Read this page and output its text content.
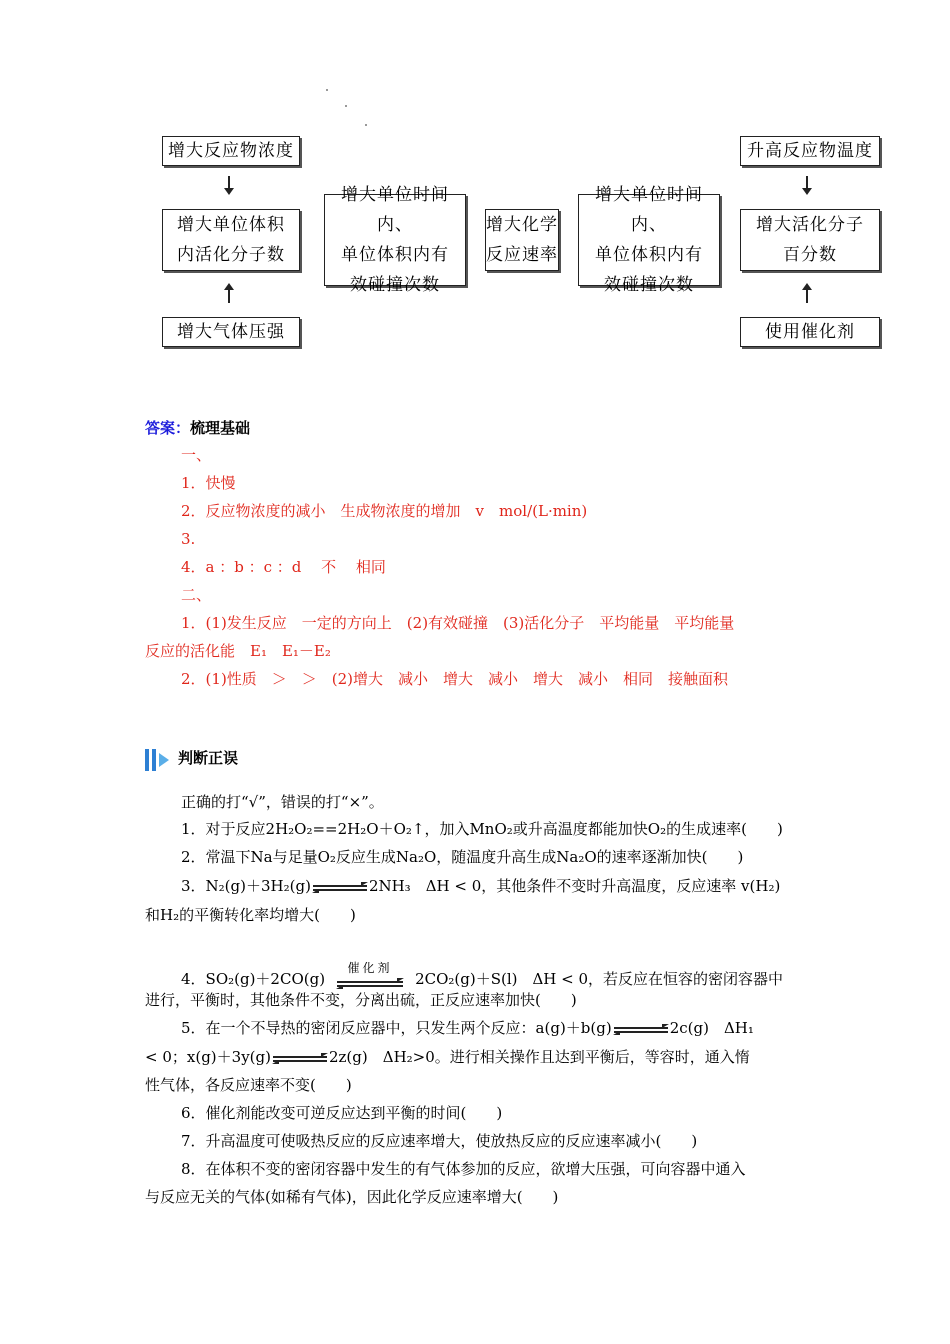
增大反应物浓度
增大单位体积
内活化分子数
增大气体压强
增大单位时间内、
单位体积内有
效碰撞次数
增大化学
反应速率
增大单位时间内、
单位体积内有
效碰撞次数
升高反应物温度
增大活化分子
百分数
使用催化剂
答案：梳理基础
一、
1．快慢
2．反应物浓度的减小　生成物浓度的增加　v　mol/(L·min)
3.
4．a ：b ：c ：d　 不　 相同
二、
1．(1)发生反应　一定的方向上　(2)有效碰撞　(3)活化分子　平均能量　平均能量
反应的活化能　E₁　E₁－E₂
2．(1)性质　＞　＞　(2)增大　减小　增大　减小　增大　减小　相同　接触面积
判断正误
正确的打“√”，错误的打“×”。
1．对于反应2H₂O₂==2H₂O＋O₂↑，加入MnO₂或升高温度都能加快O₂的生成速率(　　)
2．常温下Na与足量O₂反应生成Na₂O，随温度升高生成Na₂O的速率逐渐加快(　　)
3．N₂(g)＋3H₂(g)	2NH₃　ΔH < 0，其他条件不变时升高温度，反应速率 v(H₂)
和H₂的平衡转化率均增大(　　)
4．SO₂(g)＋2CO(g)
催化剂
2CO₂(g)＋S(l)　ΔH < 0，若反应在恒容的密闭容器中
进行，平衡时，其他条件不变，分离出硫，正反应速率加快(　　)
5．在一个不导热的密闭反应器中，只发生两个反应：a(g)＋b(g)	2c(g)　ΔH₁
< 0；x(g)＋3y(g)	2z(g)　ΔH₂>0。进行相关操作且达到平衡后，等容时，通入惰
性气体，各反应速率不变(　　)
6．催化剂能改变可逆反应达到平衡的时间(　　)
7．升高温度可使吸热反应的反应速率增大，使放热反应的反应速率减小(　　)
8．在体积不变的密闭容器中发生的有气体参加的反应，欲增大压强，可向容器中通入
与反应无关的气体(如稀有气体)，因此化学反应速率增大(　　)
